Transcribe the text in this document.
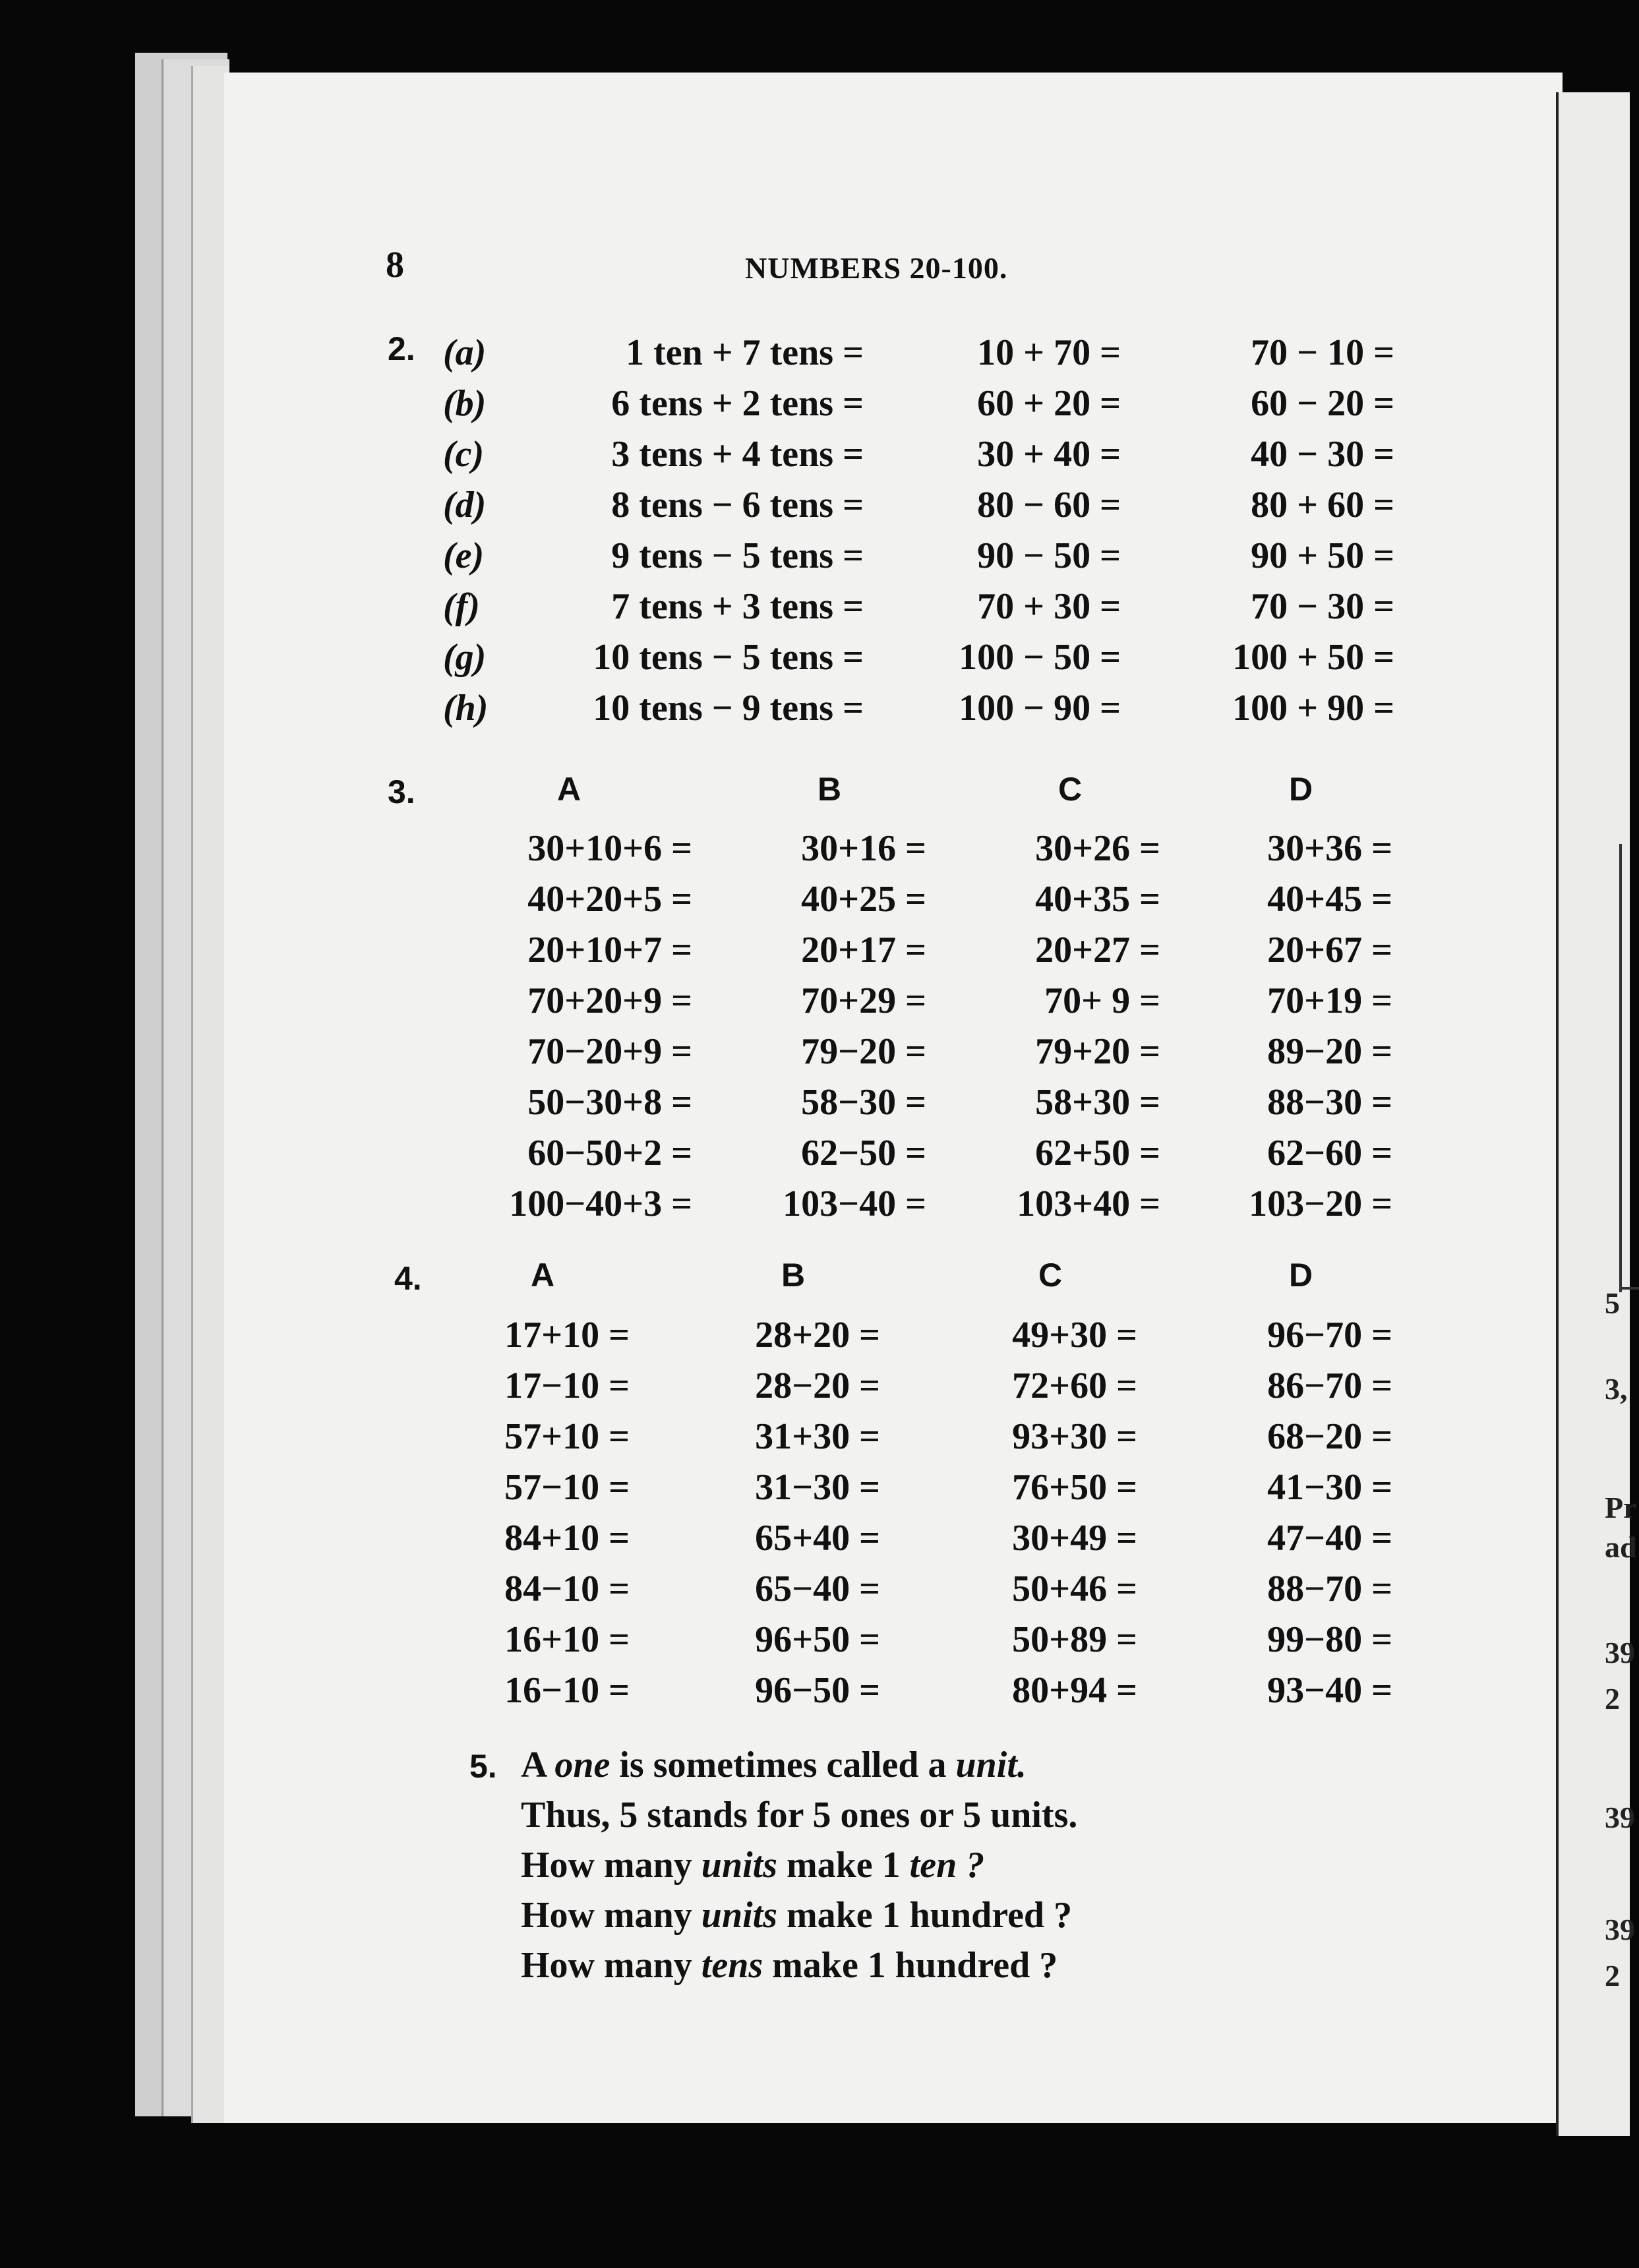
5
3,
Pr
ad
39
2
39
39
2
8	NUMBERS 20-100.
2. (a)	1 ten + 7 tens =	10 + 70 =	70 − 10 =
(b)	6 tens + 2 tens =	60 + 20 =	60 − 20 =
(c)	3 tens + 4 tens =	30 + 40 =	40 − 30 =
(d)	8 tens − 6 tens =	80 − 60 =	80 + 60 =
(e)	9 tens − 5 tens =	90 − 50 =	90 + 50 =
(f)	7 tens + 3 tens =	70 + 30 =	70 − 30 =
(g)	10 tens − 5 tens =	100 − 50 =	100 + 50 =
(h)	10 tens − 9 tens =	100 − 90 =	100 + 90 =
3.	A	B	C	D
30+10+6 =	30+16 =	30+26 =	30+36 =
40+20+5 =	40+25 =	40+35 =	40+45 =
20+10+7 =	20+17 =	20+27 =	20+67 =
70+20+9 =	70+29 =	70+ 9 =	70+19 =
70−20+9 =	79−20 =	79+20 =	89−20 =
50−30+8 =	58−30 =	58+30 =	88−30 =
60−50+2 =	62−50 =	62+50 =	62−60 =
100−40+3 =	103−40 =	103+40 =	103−20 =
4.	A	B	C	D
17+10 =	28+20 =	49+30 =	96−70 =
17−10 =	28−20 =	72+60 =	86−70 =
57+10 =	31+30 =	93+30 =	68−20 =
57−10 =	31−30 =	76+50 =	41−30 =
84+10 =	65+40 =	30+49 =	47−40 =
84−10 =	65−40 =	50+46 =	88−70 =
16+10 =	96+50 =	50+89 =	99−80 =
16−10 =	96−50 =	80+94 =	93−40 =
5. A one is sometimes called a unit.
Thus, 5 stands for 5 ones or 5 units.
How many units make 1 ten ?
How many units make 1 hundred ?
How many tens make 1 hundred ?
